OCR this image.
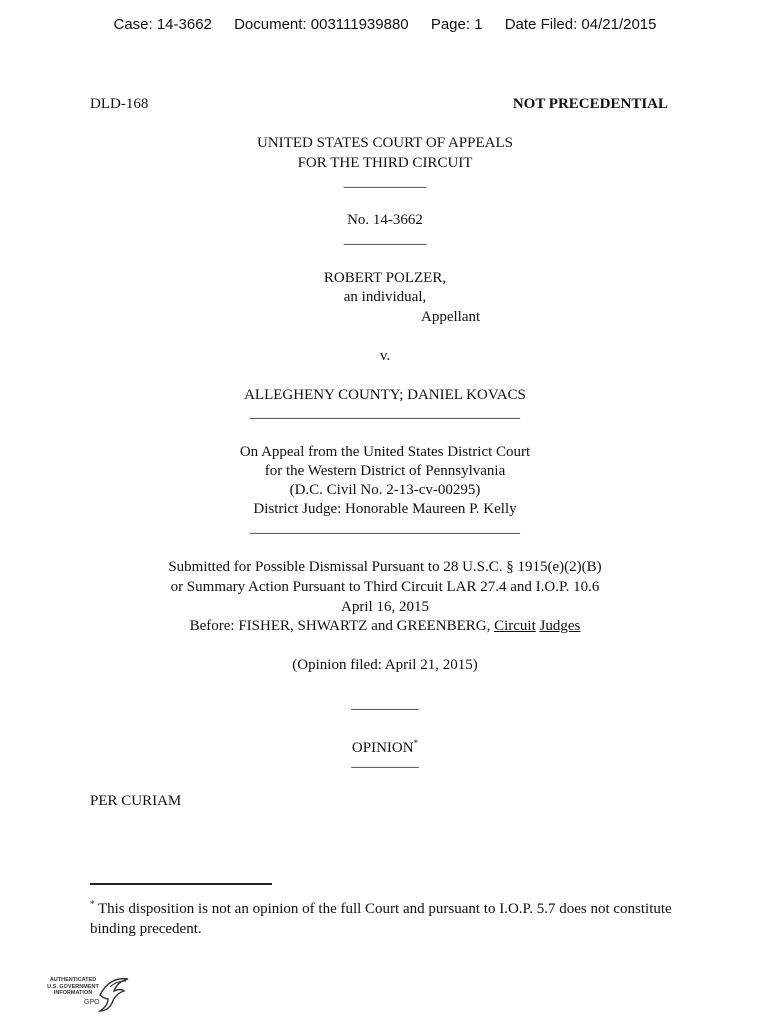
Case: 14-3662 Document: 003111939880 Page: 1 Date Filed: 04/21/2015
DLD-168	NOT PRECEDENTIAL
UNITED STATES COURT OF APPEALS
FOR THE THIRD CIRCUIT
___________
No. 14-3662
___________
ROBERT POLZER,
an individual,
Appellant
v.
ALLEGHENY COUNTY; DANIEL KOVACS
____________________________________
On Appeal from the United States District Court
for the Western District of Pennsylvania
(D.C. Civil No. 2-13-cv-00295)
District Judge: Honorable Maureen P. Kelly
____________________________________
Submitted for Possible Dismissal Pursuant to 28 U.S.C. § 1915(e)(2)(B)
or Summary Action Pursuant to Third Circuit LAR 27.4 and I.O.P. 10.6
April 16, 2015
Before: FISHER, SHWARTZ and GREENBERG, Circuit Judges
(Opinion filed: April 21, 2015)
_________
OPINION*
_________
PER CURIAM
* This disposition is not an opinion of the full Court and pursuant to I.O.P. 5.7 does not constitute binding precedent.
AUTHENTICATED U.S. GOVERNMENT INFORMATION
GPO
